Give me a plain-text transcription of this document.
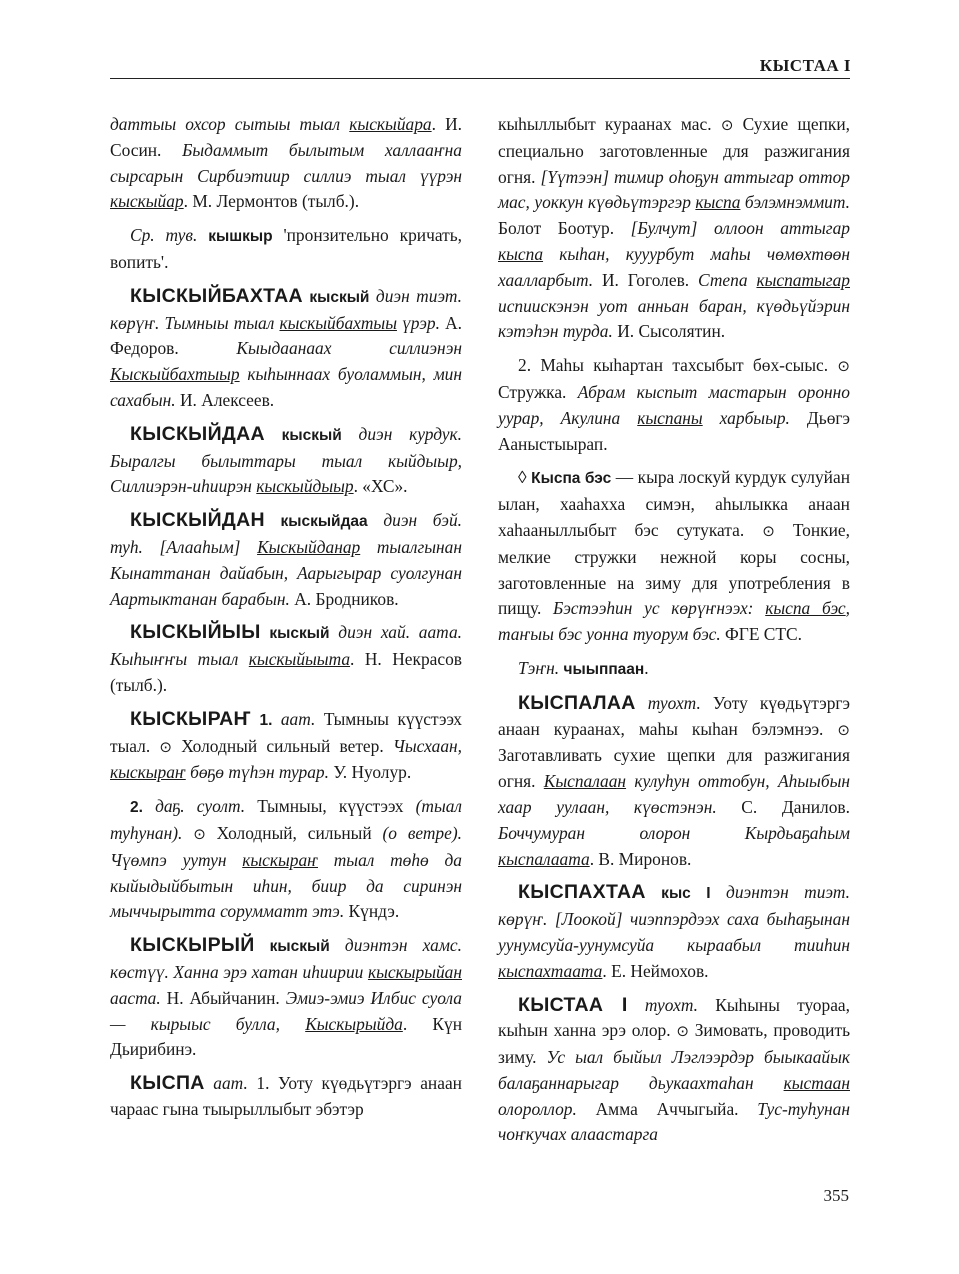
КЫСТАА I

даттыы охсор сытыы тыал кыскыйара. И. Сосин. Быдаммыт былытым халлааҥна сырсарын Сирбиэтиир силлиэ тыал үүрэн кыскыйар. М. Лермонтов (тылб.).

Ср. тув. кышкыр 'пронзительно кричать, вопить'.

КЫСКЫЙБАХТАА кыскый диэн тиэт. көрүҥ. Тымныы тыал кыскыйбахтыы үрэр. А. Федоров. Кыыдаанаах силлиэнэн Кыскыйбахтыыр кыһыннаах буоламмын, мин сахабын. И. Алексеев.

КЫСКЫЙДАА кыскый диэн курдук. Быралгы былыттары тыал кыйдыыр, Силлиэрэн-иһиирэн кыскыйдыыр. «ХС».

КЫСКЫЙДАН кыскыйдаа диэн бэй. туһ. [Алааһым] Кыскыйданар тыалгынан Кынаттанан дайабын, Аарыгырар суолгунан Аартыктанан барабын. А. Бродников.

КЫСКЫЙЫЫ кыскый диэн хай. аата. Кыһыҥҥы тыал кыскыйыыта. Н. Некрасов (тылб.).

КЫСКЫРАҤ 1. аат. Тымныы күүстээх тыал. ⊙ Холодный сильный ветер. Чысхаан, кыскыраҥ бөҕө түһэн турар. У. Нуолур.

2. даҕ. суолт. Тымныы, күүстээх (тыал туһунан). ⊙ Холодный, сильный (о ветре). Чүөмпэ уутун кыскыраҥ тыал төһө да кыйыдыйбытын иһин, биир да сиринэн мыччырытта сорумматт этэ. Күндэ.

КЫСКЫРЫЙ кыскый диэнтэн хамс. көстүү. Ханна эрэ хатан иһиирии кыскырыйан аастa. Н. Абыйчанин. Эмиэ-эмиэ Илбис суола — кырыыс булла, Кыскырыйда. Күн Дьирибинэ.

КЫСПА аат. 1. Уоту күөдьүтэргэ анаан чараас гына тыырыллыбыт эбэтэр

кыһыллыбыт кураанах мас. ⊙ Сухие щепки, специально заготовленные для разжигания огня. [Үүтээн] тимир оһоҕун аттыгар оттор мас, уоккун күөдьүтэргэр кыспа бэлэмнэммит. Болот Боотур. [Булчут] оллоон аттыгар кыспа кыһан, кууурбут маһы чөмөхтөөн хааллaрбыт. И. Гоголев. Степа кыспатыгар испиискэнэн уот анньан баран, күөдьүйэрин кэтэһэн турда. И. Сысолятин.

2. Маһы кыһартан тахсыбыт бөх-сыыс. ⊙ Стружка. Абрам кыспыт мастарын оронно уурар, Акулина кыспаны харбыыр. Дьөгэ Ааныстыырап.

◊ Кыспа бэс — кыра лоскуй курдук сулуйан ылан, хааһахха симэн, аһылыкка анаан хаһааныллыбыт бэс сутуката. ⊙ Тонкие, мелкие стружки нежной коры сосны, заготовленные на зиму для употребления в пищу. Бэстээһин ус көрүҥнээх: кыспа бэс, таҥыы бэс уонна туорум бэс. ФГЕ СТС.

Тэҥн. чыыппаан.

КЫСПАЛАА туохт. Уоту күөдьүтэргэ анаан кураанах, маһы кыһан бэлэмнээ. ⊙ Заготавливать сухие щепки для разжигания огня. Кыспалаан кулуһун оттобун, Аһыыбын хаар уулаан, күөстэнэн. С. Данилов. Боччумуран олорон Кырдьаҕаһым кыспалаата. В. Миронов.

КЫСПАХТАА кыс I диэнтэн тиэт. көрүҥ. [Лоокой] чиэппэрдээх саха быһаҕынан уунумсуйа-уунумсуйа кыраабыл тииһин кыспахтаата. Е. Неймохов.

КЫСТАА I туохт. Кыһыны туораа, кыһын ханна эрэ олор. ⊙ Зимовать, проводить зиму. Ус ыал быйыл Лэглээрдэр быыкаайык балаҕаннарыгар дьукаахтаһан кыстаан олороллор. Амма Аччыгыйа. Тус-туһунан чоҥкучах алааcтарга

355
